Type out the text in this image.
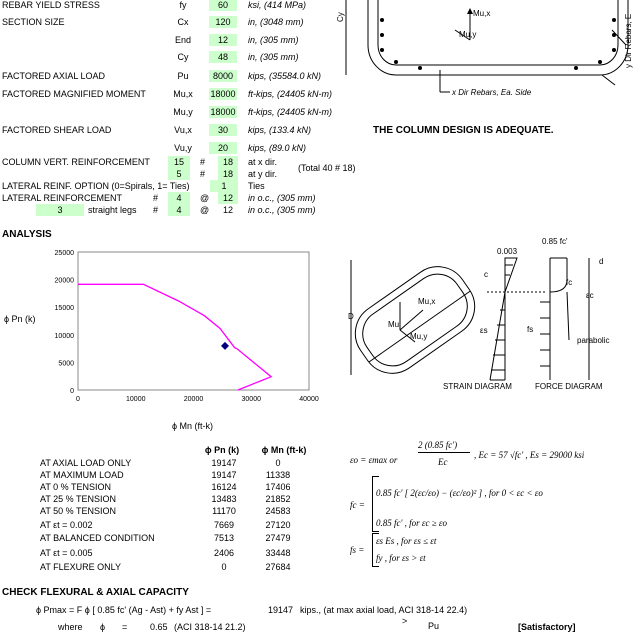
REBAR YIELD STRESS	fy	60	ksi, (414 MPa)
SECTION SIZE	Cx	120	in, (3048 mm)
End	12	in, (305 mm)
Cy	48	in, (305 mm)
FACTORED AXIAL LOAD	Pu	8000	kips, (35584.0 kN)
FACTORED MAGNIFIED MOMENT	Mu,x 18000 ft-kips, (24405 kN-m)
Mu,y 18000 ft-kips, (24405 kN-m)
FACTORED SHEAR LOAD	Vu,x	30	kips, (133.4 kN)
Vu,y	20	kips, (89.0 kN)
COLUMN VERT. REINFORCEMENT	15	#	18	at x dir.
(Total 40 # 18)
5	#	18	at y dir.
LATERAL REINF. OPTION (0=Spirals, 1= Ties)	1	Ties
LATERAL REINFORCEMENT	#	4	@	12	in o.c., (305 mm)
3	straight legs #	4	@	12	in o.c., (305 mm)
Cy	Mu,x
Mu,y
x Dir Rebars, Ea. Side
y Dir Rebars, E
THE COLUMN DESIGN IS ADEQUATE.
ANALYSIS
0
5000
10000
15000
20000
25000
0	10000	20000	30000	40000
ϕ Pn (k)
ϕ Mn (ft-k)
0.003
0.85 fc'
D
Mu,x
Mu
Mu,y
c
εs	fs
fc
εc
d
parabolic
STRAIN DIAGRAM	FORCE DIAGRAM
ϕ Pn (k)	ϕ Mn (ft-k)
AT AXIAL LOAD ONLY	19147	0
AT MAXIMUM LOAD	19147	11338
AT 0 % TENSION	16124	17406
AT 25 % TENSION	13483	21852
AT 50 % TENSION	11170	24583
AT εt = 0.002	7669	27120
AT BALANCED CONDITION	7513	27479
AT εt = 0.005	2406	33448
AT FLEXURE ONLY	0	27684
εo = εmax or
2 (0.85 fc')
Ec
, Ec = 57 √fc' , Es = 29000 ksi
fc =
0.85 fc' [ 2(εc/εo) − (εc/εo)² ] , for 0 < εc < εo
0.85 fc' , for εc ≥ εo
fs =
εs Es , for εs ≤ εt
fy , for εs > εt
CHECK FLEXURAL & AXIAL CAPACITY
ϕ Pmax = F ϕ [ 0.85 fc' (Ag - Ast) + fy Ast ] =	19147 kips., (at max axial load, ACI 318-14 22.4)
where ϕ =	0.65 (ACI 318-14 21.2)
> Pu	[Satisfactory]
